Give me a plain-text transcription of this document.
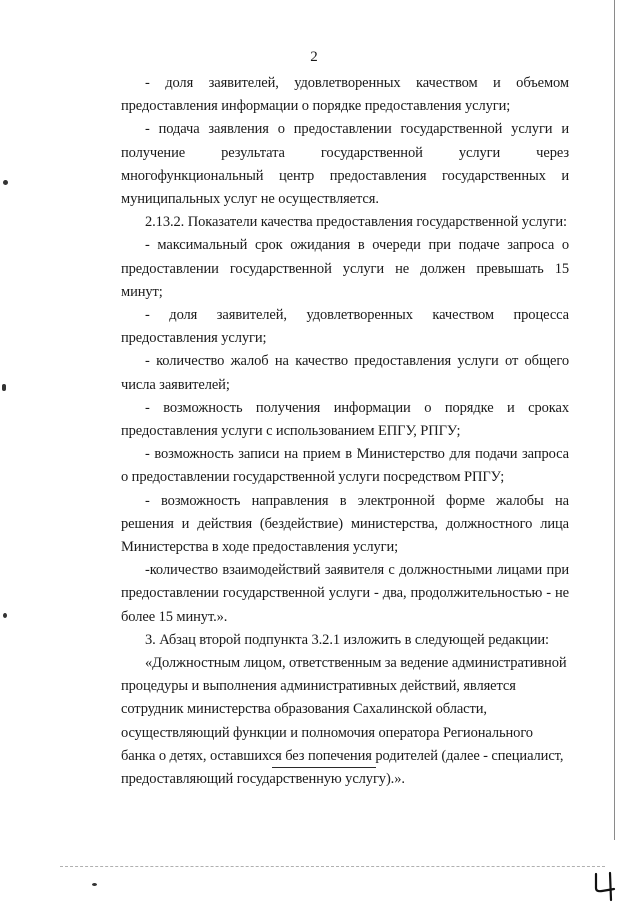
2

- доля заявителей, удовлетворенных качеством и объемом предоставления информации о порядке предоставления услуги;

- подача заявления о предоставлении государственной услуги и получение результата государственной услуги через многофункциональный центр предоставления государственных и муниципальных услуг не осуществляется.

2.13.2. Показатели качества предоставления государственной услуги:

- максимальный срок ожидания в очереди при подаче запроса о предоставлении государственной услуги не должен превышать 15 минут;

- доля заявителей, удовлетворенных качеством процесса предоставления услуги;

- количество жалоб на качество предоставления услуги от общего числа заявителей;

- возможность получения информации о порядке и сроках предоставления услуги с использованием ЕПГУ, РПГУ;

- возможность записи на прием в Министерство для подачи запроса о предоставлении государственной услуги посредством РПГУ;

- возможность направления в электронной форме жалобы на решения и действия (бездействие) министерства, должностного лица Министерства в ходе предоставления услуги;

-количество взаимодействий заявителя с должностными лицами при предоставлении государственной услуги - два, продолжительностью - не более 15 минут.».

3. Абзац второй подпункта 3.2.1 изложить в следующей редакции:

«Должностным лицом, ответственным за ведение административной процедуры и выполнения административных действий, является сотрудник министерства образования Сахалинской области, осуществляющий функции и полномочия оператора Регионального банка о детях, оставшихся без попечения родителей (далее - специалист, предоставляющий государственную услугу).».
